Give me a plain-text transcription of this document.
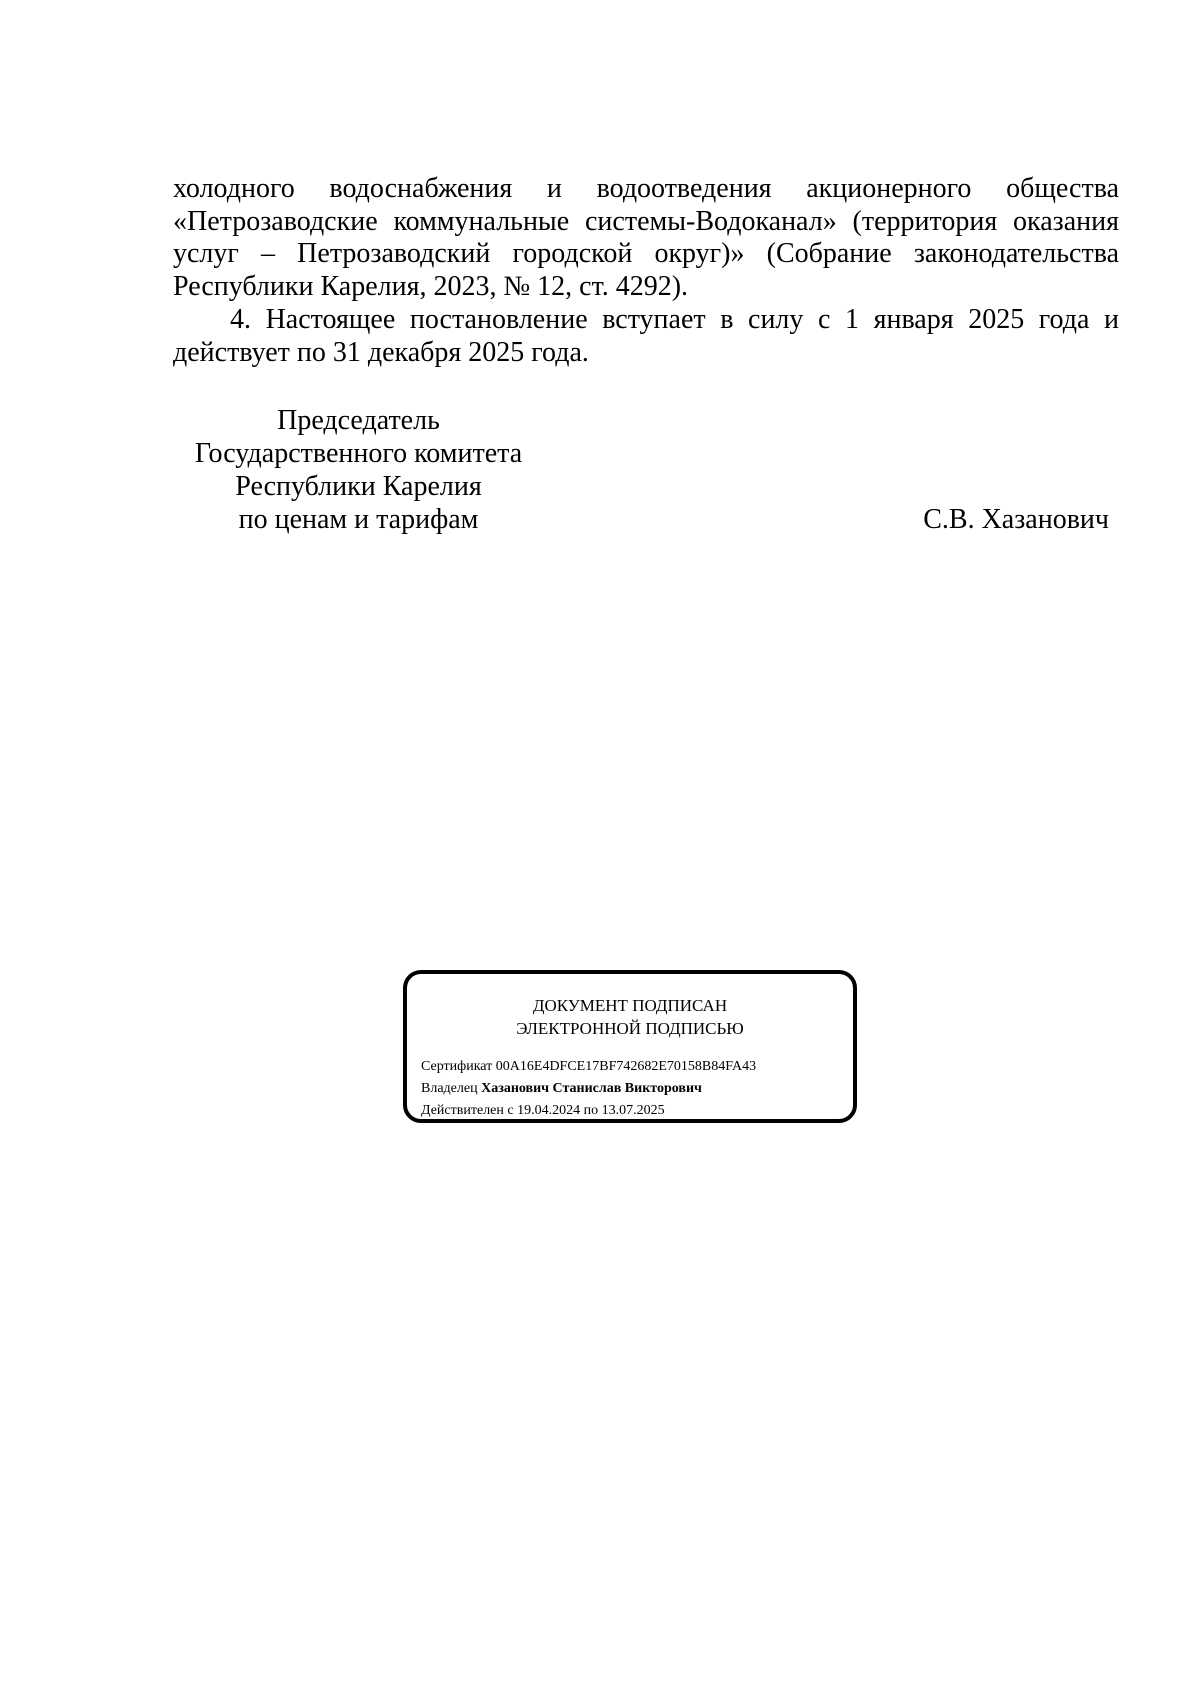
холодного водоснабжения и водоотведения акционерного общества
«Петрозаводские коммунальные системы-Водоканал» (территория оказания
услуг – Петрозаводский городской округ)» (Собрание законодательства
Республики Карелия, 2023, № 12, ст. 4292).
4. Настоящее постановление вступает в силу с 1 января 2025 года и
действует по 31 декабря 2025 года.
Председатель
Государственного комитета
Республики Карелия
по ценам и тарифам	С.В. Хазанович
ДОКУМЕНТ ПОДПИСАН
ЭЛЕКТРОННОЙ ПОДПИСЬЮ
Сертификат 00A16E4DFCE17BF742682E70158B84FA43
Владелец Хазанович Станислав Викторович
Действителен с 19.04.2024 по 13.07.2025
